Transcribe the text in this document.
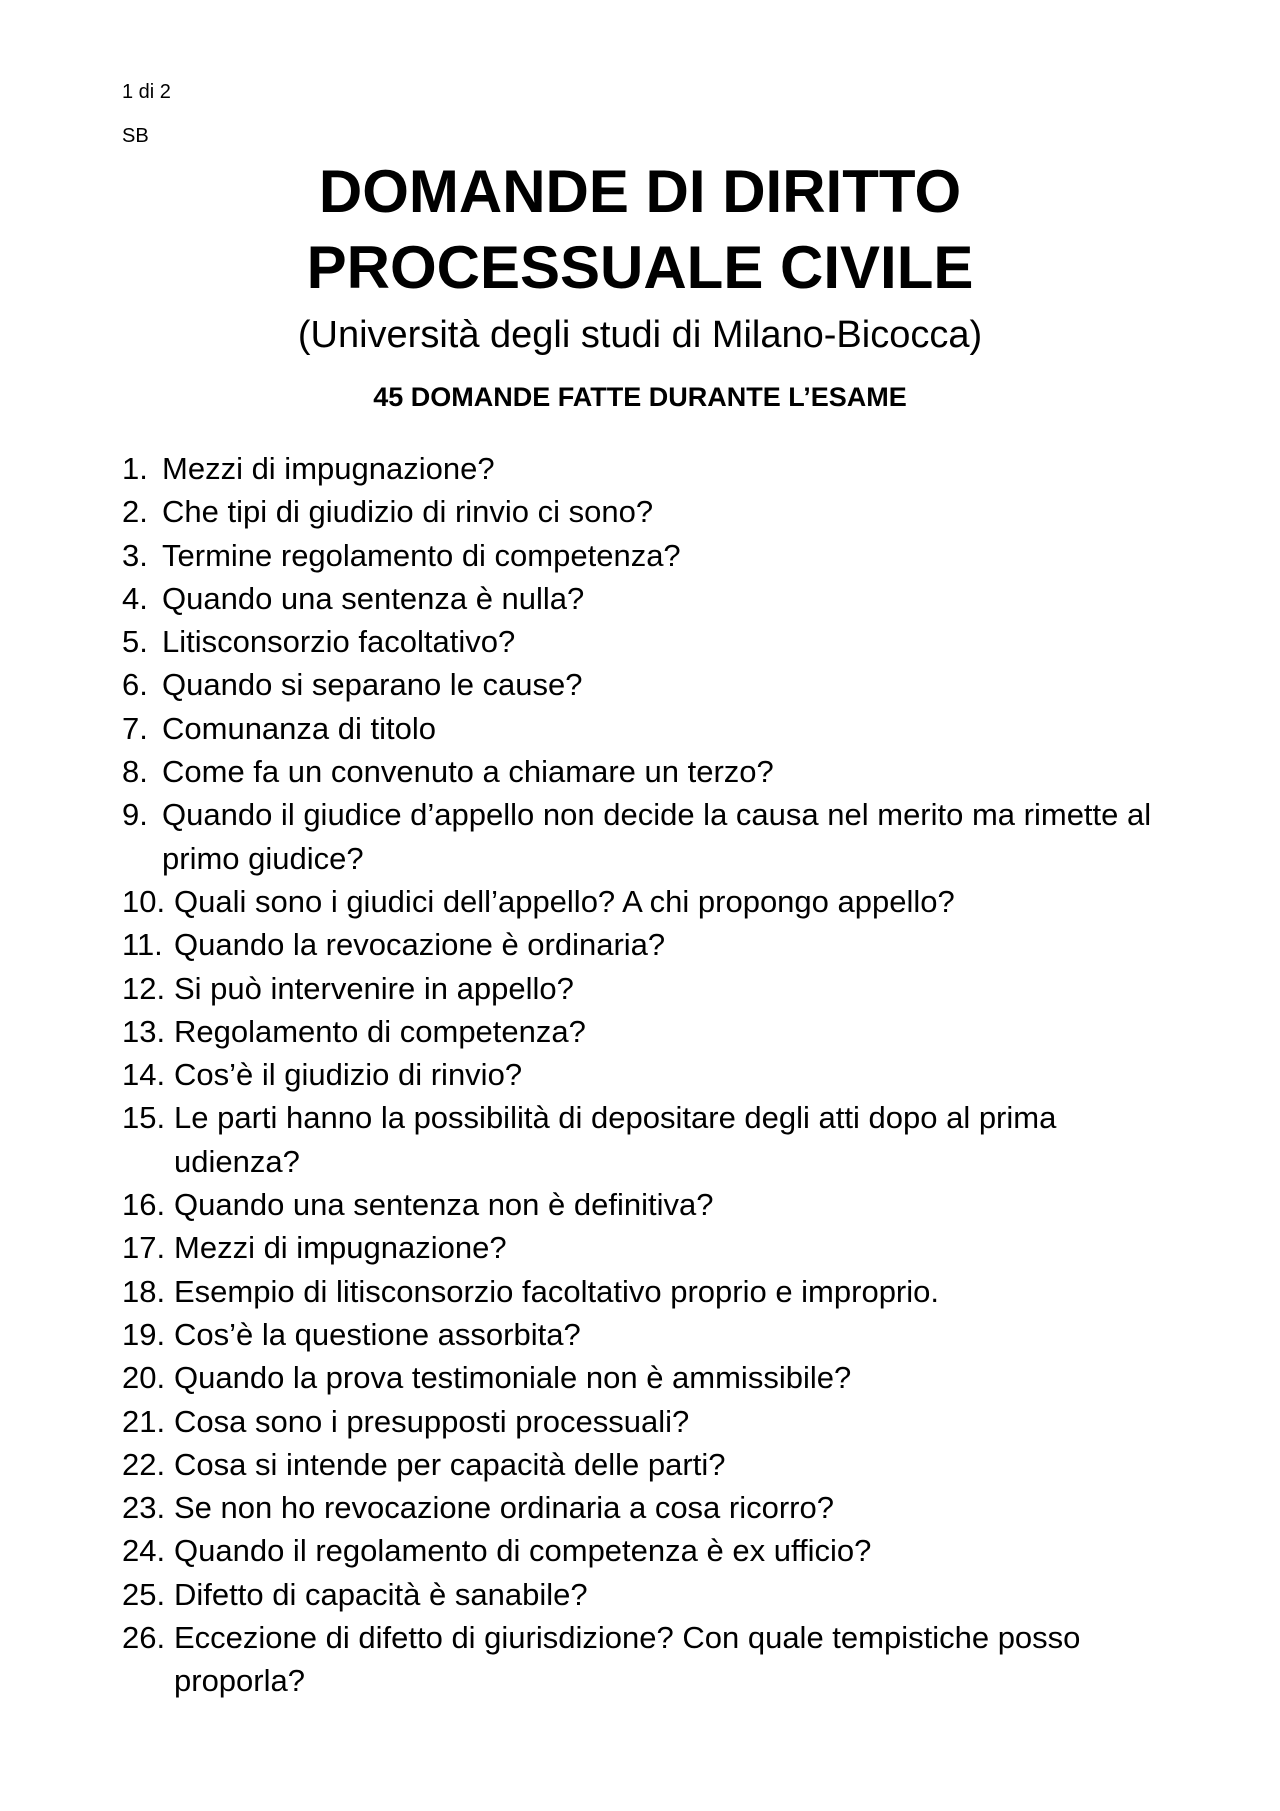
1 di 2
SB
DOMANDE DI DIRITTO
PROCESSUALE CIVILE
(Università degli studi di Milano-Bicocca)
45 DOMANDE FATTE DURANTE L’ESAME
1. Mezzi di impugnazione?
2. Che tipi di giudizio di rinvio ci sono?
3. Termine regolamento di competenza?
4. Quando una sentenza è nulla?
5. Litisconsorzio facoltativo?
6. Quando si separano le cause?
7. Comunanza di titolo
8. Come fa un convenuto a chiamare un terzo?
9. Quando il giudice d’appello non decide la causa nel merito ma rimette al primo giudice?
10. Quali sono i giudici dell’appello? A chi propongo appello?
11. Quando la revocazione è ordinaria?
12. Si può intervenire in appello?
13. Regolamento di competenza?
14. Cos’è il giudizio di rinvio?
15. Le parti hanno la possibilità di depositare degli atti dopo al prima udienza?
16. Quando una sentenza non è definitiva?
17. Mezzi di impugnazione?
18. Esempio di litisconsorzio facoltativo proprio e improprio.
19. Cos’è la questione assorbita?
20. Quando la prova testimoniale non è ammissibile?
21. Cosa sono i presupposti processuali?
22. Cosa si intende per capacità delle parti?
23. Se non ho revocazione ordinaria a cosa ricorro?
24. Quando il regolamento di competenza è ex ufficio?
25. Difetto di capacità è sanabile?
26. Eccezione di difetto di giurisdizione? Con quale tempistiche posso proporla?
